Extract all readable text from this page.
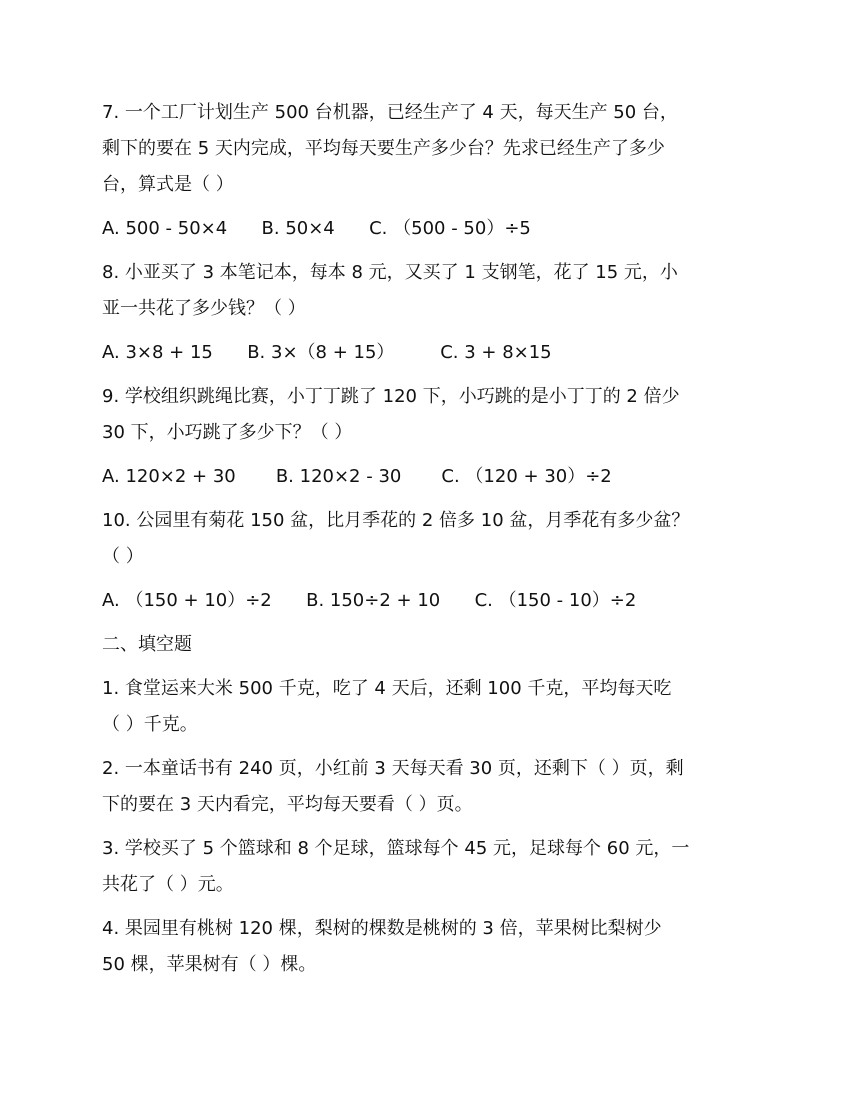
7. 一个工厂计划生产 500 台机器，已经生产了 4 天，每天生产 50 台，
剩下的要在 5 天内完成，平均每天要生产多少台？先求已经生产了多少
台，算式是（ ）
A. 500 - 50×4 B. 50×4 C. （500 - 50）÷5
8. 小亚买了 3 本笔记本，每本 8 元，又买了 1 支钢笔，花了 15 元，小
亚一共花了多少钱？（ ）
A. 3×8 + 15 B. 3×（8 + 15）	C. 3 + 8×15
9. 学校组织跳绳比赛，小丁丁跳了 120 下，小巧跳的是小丁丁的 2 倍少
30 下，小巧跳了多少下？（ ）
A. 120×2 + 30 B. 120×2 - 30 C. （120 + 30）÷2
10. 公园里有菊花 150 盆，比月季花的 2 倍多 10 盆，月季花有多少盆？
（ ）
A. （150 + 10）÷2 B. 150÷2 + 10 C. （150 - 10）÷2
二、填空题
1. 食堂运来大米 500 千克，吃了 4 天后，还剩 100 千克，平均每天吃
（ ）千克。
2. 一本童话书有 240 页，小红前 3 天每天看 30 页，还剩下（ ）页，剩
下的要在 3 天内看完，平均每天要看（ ）页。
3. 学校买了 5 个篮球和 8 个足球，篮球每个 45 元，足球每个 60 元，一
共花了（ ）元。
4. 果园里有桃树 120 棵，梨树的棵数是桃树的 3 倍，苹果树比梨树少
50 棵，苹果树有（ ）棵。
